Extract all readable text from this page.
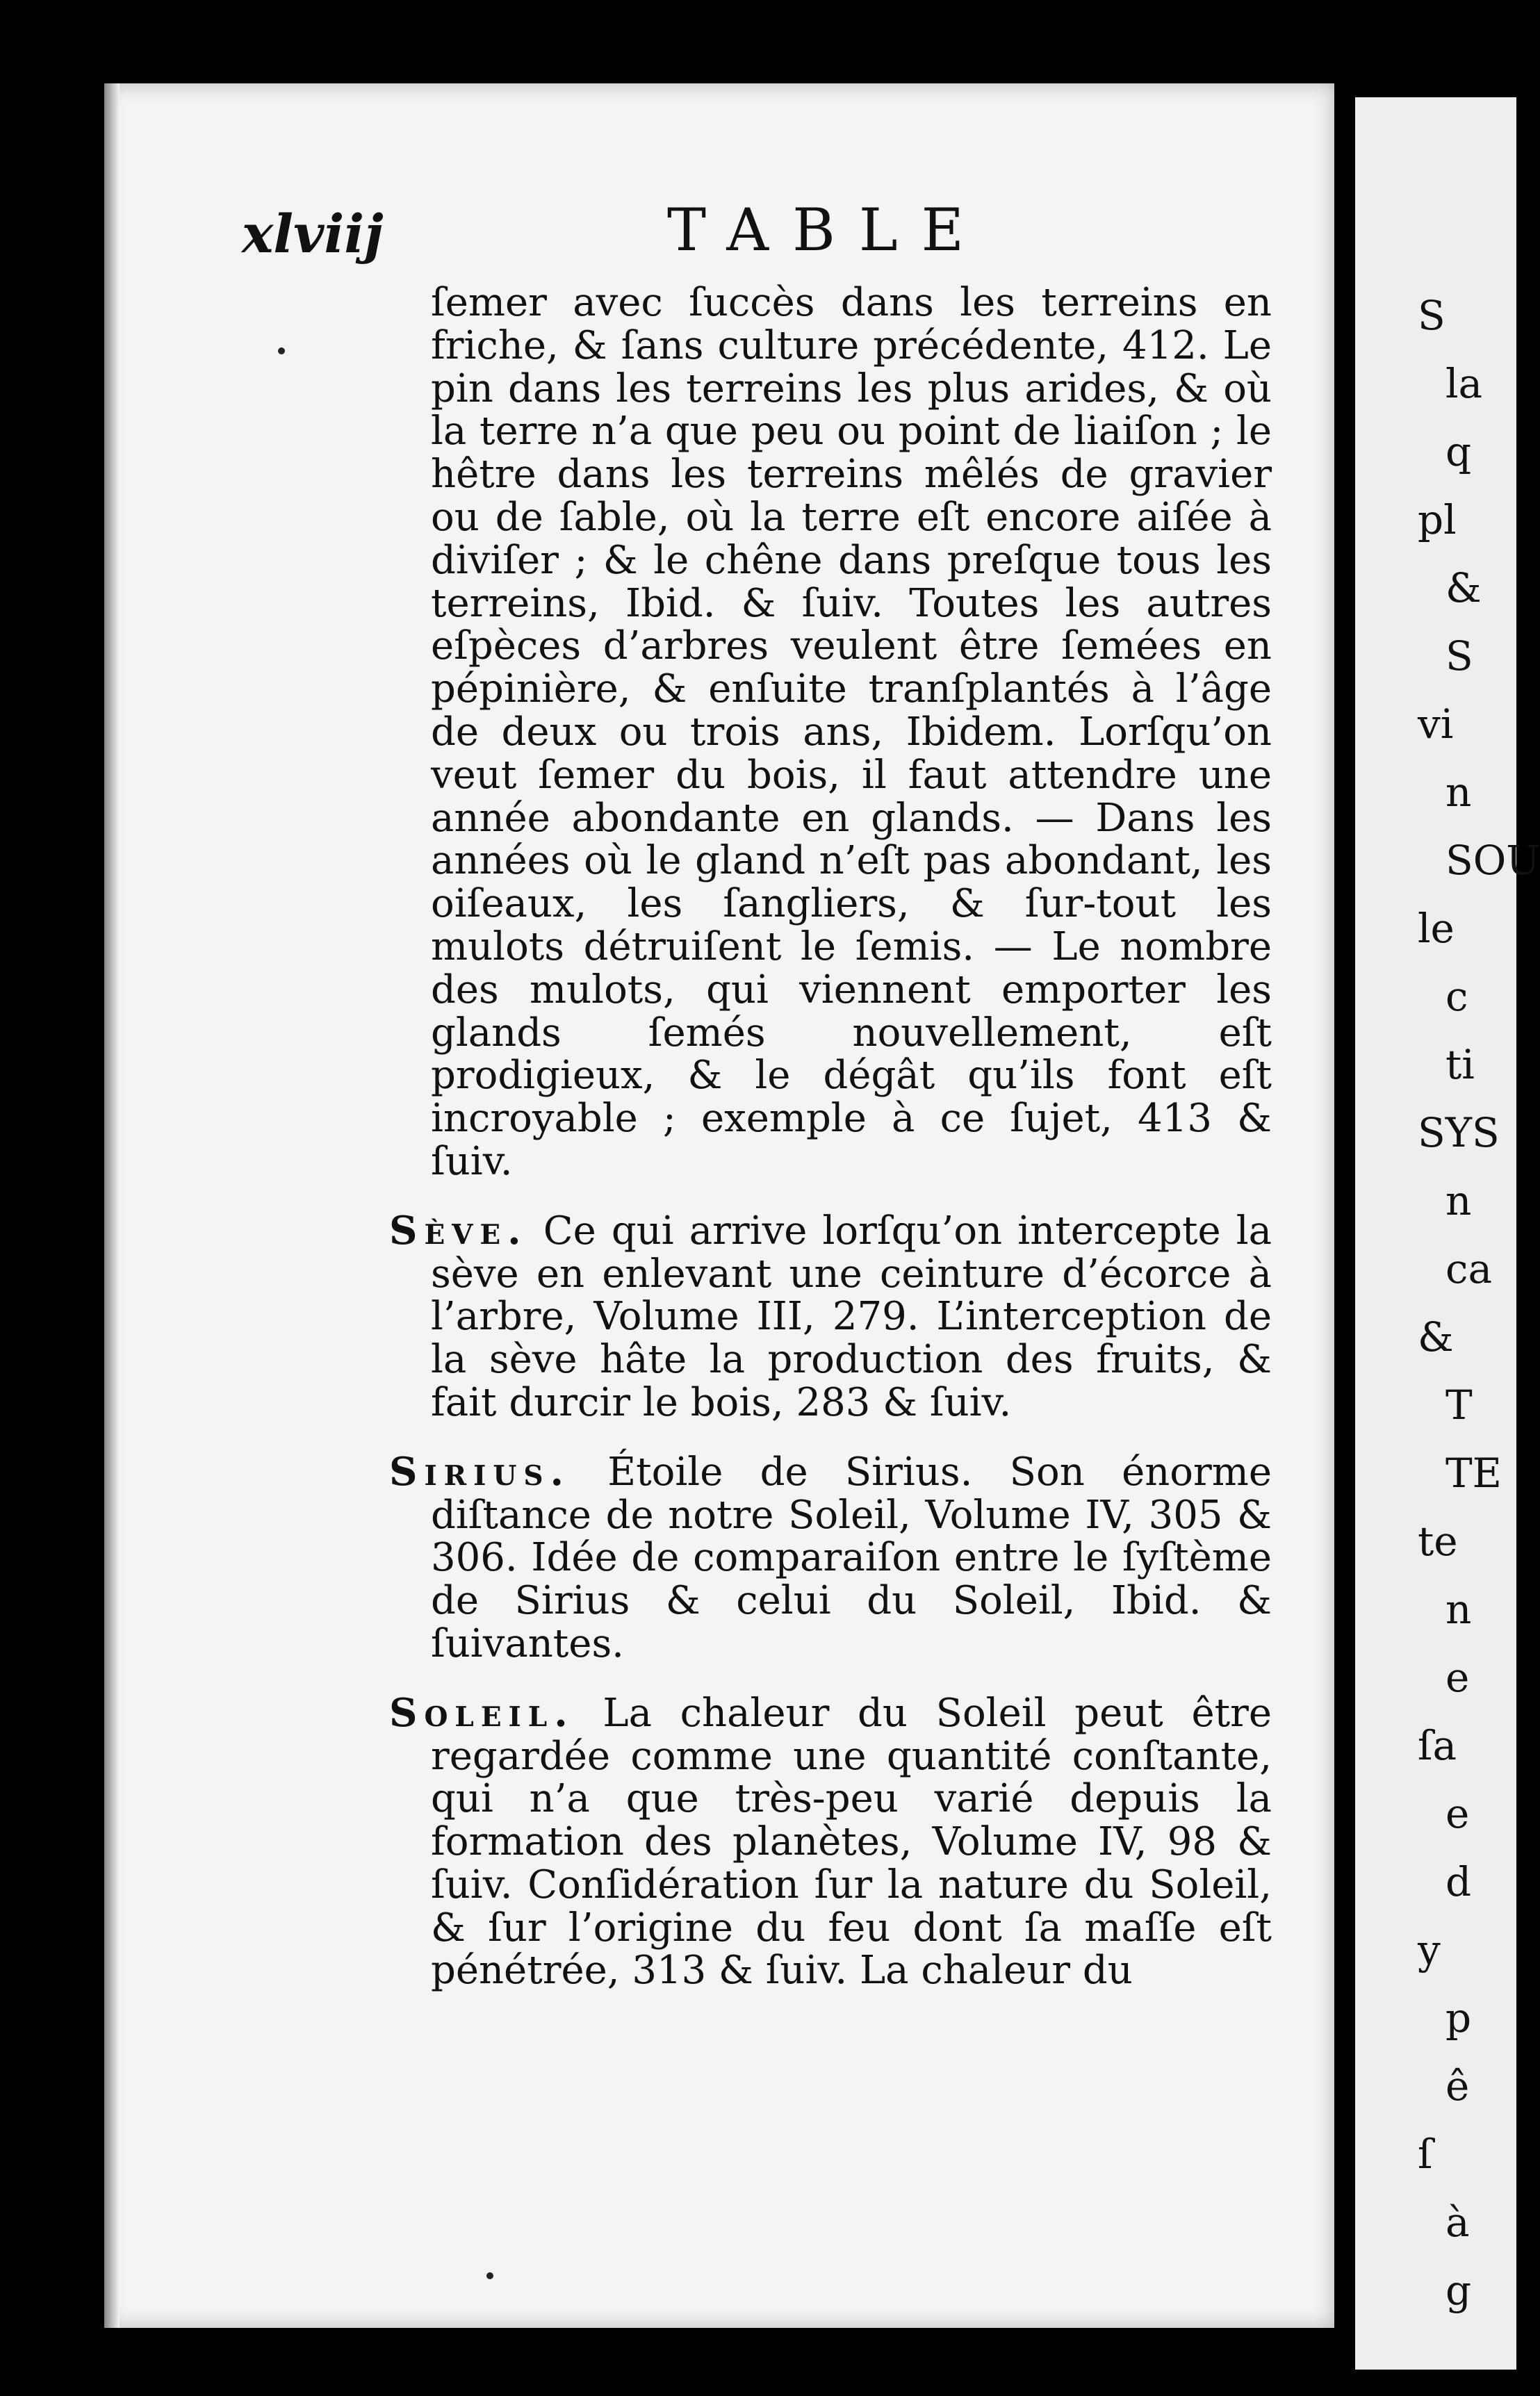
S
la
q
pl
&
S
vi
n
SOU
le
c
ti
SYS
n
ca
&
T
TE
te
n
e
ſa
e
d
y
p
ê
ſ
à
g
xlviij	TABLE

ſemer avec ſuccès dans les terreins en friche, & ſans culture précédente, 412. Le pin dans les terreins les plus arides, & où la terre n’a que peu ou point de liaiſon ; le hêtre dans les terreins mêlés de gravier ou de ſable, où la terre eſt encore aiſée à diviſer ; & le chêne dans preſque tous les terreins, Ibid. & ſuiv. Toutes les autres eſpèces d’arbres veulent être ſemées en pépinière, & enſuite tranſplantés à l’âge de deux ou trois ans, Ibidem. Lorſqu’on veut ſemer du bois, il faut attendre une année abondante en glands. — Dans les années où le gland n’eſt pas abondant, les oiſeaux, les ſangliers, & ſur-tout les mulots détruiſent le ſemis. — Le nombre des mulots, qui viennent emporter les glands ſemés nouvellement, eſt prodigieux, & le dégât qu’ils font eſt incroyable ; exemple à ce ſujet, 413 & ſuiv.

Sève. Ce qui arrive lorſqu’on intercepte la sève en enlevant une ceinture d’écorce à l’arbre, Volume III, 279. L’interception de la sève hâte la production des fruits, & fait durcir le bois, 283 & ſuiv.

Sirius. Étoile de Sirius. Son énorme diſtance de notre Soleil, Volume IV, 305 & 306. Idée de comparaiſon entre le ſyſtème de Sirius & celui du Soleil, Ibid. & ſuivantes.

Soleil. La chaleur du Soleil peut être regardée comme une quantité conſtante, qui n’a que très-peu varié depuis la formation des planètes, Volume IV, 98 & ſuiv. Conſidération ſur la nature du Soleil, & ſur l’origine du feu dont ſa maſſe eſt pénétrée, 313 & ſuiv. La chaleur du
